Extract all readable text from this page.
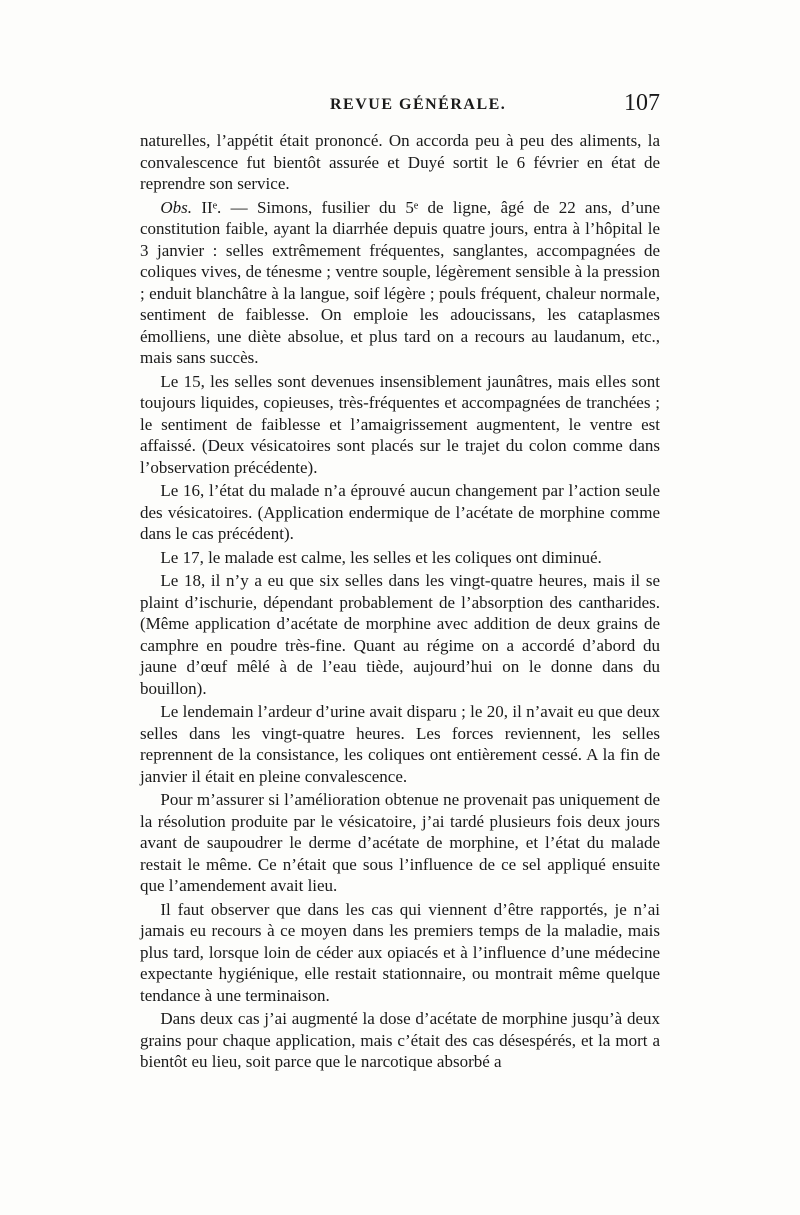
REVUE GÉNÉRALE.	107

naturelles, l’appétit était prononcé. On accorda peu à peu des aliments, la convalescence fut bientôt assurée et Duyé sortit le 6 février en état de reprendre son service.

Obs. IIᵉ. — Simons, fusilier du 5ᵉ de ligne, âgé de 22 ans, d’une constitution faible, ayant la diarrhée depuis quatre jours, entra à l’hôpital le 3 janvier : selles extrêmement fréquentes, sanglantes, accompagnées de coliques vives, de ténesme ; ventre souple, légèrement sensible à la pression ; enduit blanchâtre à la langue, soif légère ; pouls fréquent, chaleur normale, sentiment de faiblesse. On emploie les adoucissans, les cataplasmes émolliens, une diète absolue, et plus tard on a recours au laudanum, etc., mais sans succès.

Le 15, les selles sont devenues insensiblement jaunâtres, mais elles sont toujours liquides, copieuses, très-fréquentes et accompagnées de tranchées ; le sentiment de faiblesse et l’amaigrissement augmentent, le ventre est affaissé. (Deux vésicatoires sont placés sur le trajet du colon comme dans l’observation précédente).

Le 16, l’état du malade n’a éprouvé aucun changement par l’action seule des vésicatoires. (Application endermique de l’acétate de morphine comme dans le cas précédent).

Le 17, le malade est calme, les selles et les coliques ont diminué.

Le 18, il n’y a eu que six selles dans les vingt-quatre heures, mais il se plaint d’ischurie, dépendant probablement de l’absorption des cantharides. (Même application d’acétate de morphine avec addition de deux grains de camphre en poudre très-fine. Quant au régime on a accordé d’abord du jaune d’œuf mêlé à de l’eau tiède, aujourd’hui on le donne dans du bouillon).

Le lendemain l’ardeur d’urine avait disparu ; le 20, il n’avait eu que deux selles dans les vingt-quatre heures. Les forces reviennent, les selles reprennent de la consistance, les coliques ont entièrement cessé. A la fin de janvier il était en pleine convalescence.

Pour m’assurer si l’amélioration obtenue ne provenait pas uniquement de la résolution produite par le vésicatoire, j’ai tardé plusieurs fois deux jours avant de saupoudrer le derme d’acétate de morphine, et l’état du malade restait le même. Ce n’était que sous l’influence de ce sel appliqué ensuite que l’amendement avait lieu.

Il faut observer que dans les cas qui viennent d’être rapportés, je n’ai jamais eu recours à ce moyen dans les premiers temps de la maladie, mais plus tard, lorsque loin de céder aux opiacés et à l’influence d’une médecine expectante hygiénique, elle restait stationnaire, ou montrait même quelque tendance à une terminaison.

Dans deux cas j’ai augmenté la dose d’acétate de morphine jusqu’à deux grains pour chaque application, mais c’était des cas désespérés, et la mort a bientôt eu lieu, soit parce que le narcotique absorbé a
